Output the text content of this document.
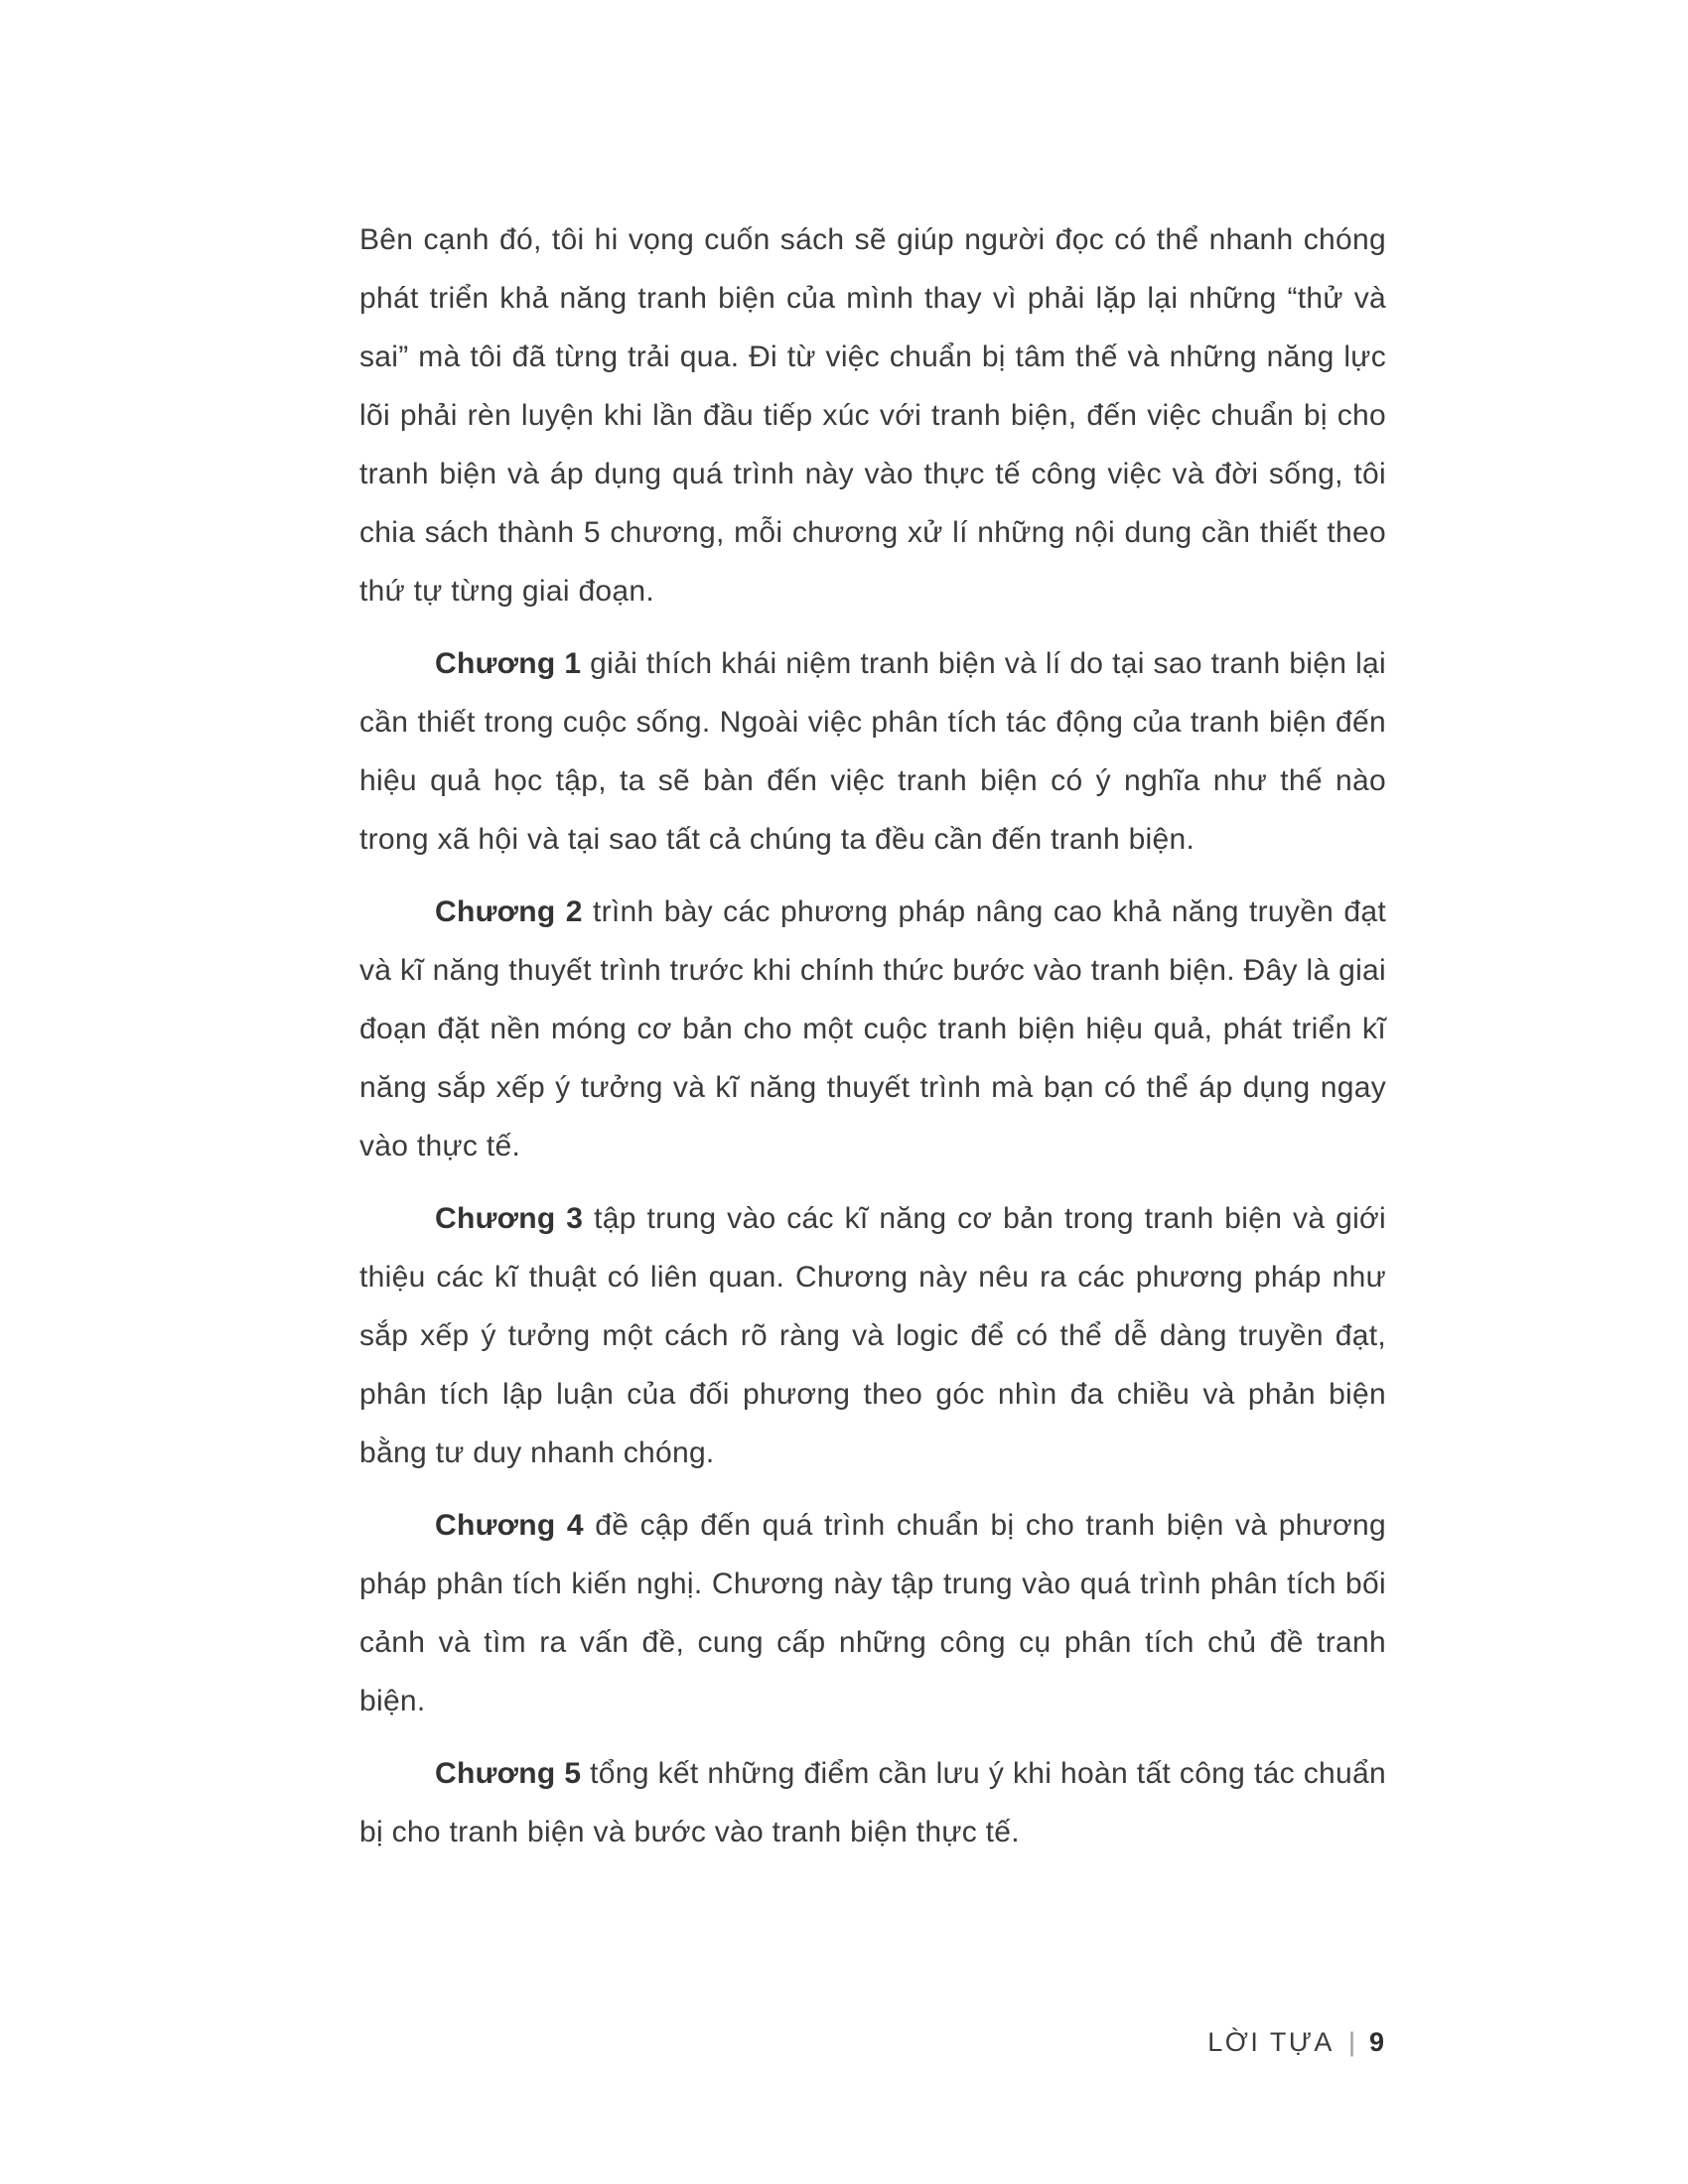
Bên cạnh đó, tôi hi vọng cuốn sách sẽ giúp người đọc có thể nhanh chóng phát triển khả năng tranh biện của mình thay vì phải lặp lại những “thử và sai” mà tôi đã từng trải qua. Đi từ việc chuẩn bị tâm thế và những năng lực lõi phải rèn luyện khi lần đầu tiếp xúc với tranh biện, đến việc chuẩn bị cho tranh biện và áp dụng quá trình này vào thực tế công việc và đời sống, tôi chia sách thành 5 chương, mỗi chương xử lí những nội dung cần thiết theo thứ tự từng giai đoạn.

Chương 1 giải thích khái niệm tranh biện và lí do tại sao tranh biện lại cần thiết trong cuộc sống. Ngoài việc phân tích tác động của tranh biện đến hiệu quả học tập, ta sẽ bàn đến việc tranh biện có ý nghĩa như thế nào trong xã hội và tại sao tất cả chúng ta đều cần đến tranh biện.

Chương 2 trình bày các phương pháp nâng cao khả năng truyền đạt và kĩ năng thuyết trình trước khi chính thức bước vào tranh biện. Đây là giai đoạn đặt nền móng cơ bản cho một cuộc tranh biện hiệu quả, phát triển kĩ năng sắp xếp ý tưởng và kĩ năng thuyết trình mà bạn có thể áp dụng ngay vào thực tế.

Chương 3 tập trung vào các kĩ năng cơ bản trong tranh biện và giới thiệu các kĩ thuật có liên quan. Chương này nêu ra các phương pháp như sắp xếp ý tưởng một cách rõ ràng và logic để có thể dễ dàng truyền đạt, phân tích lập luận của đối phương theo góc nhìn đa chiều và phản biện bằng tư duy nhanh chóng.

Chương 4 đề cập đến quá trình chuẩn bị cho tranh biện và phương pháp phân tích kiến nghị. Chương này tập trung vào quá trình phân tích bối cảnh và tìm ra vấn đề, cung cấp những công cụ phân tích chủ đề tranh biện.

Chương 5 tổng kết những điểm cần lưu ý khi hoàn tất công tác chuẩn bị cho tranh biện và bước vào tranh biện thực tế.

LỜI TỰA | 9
